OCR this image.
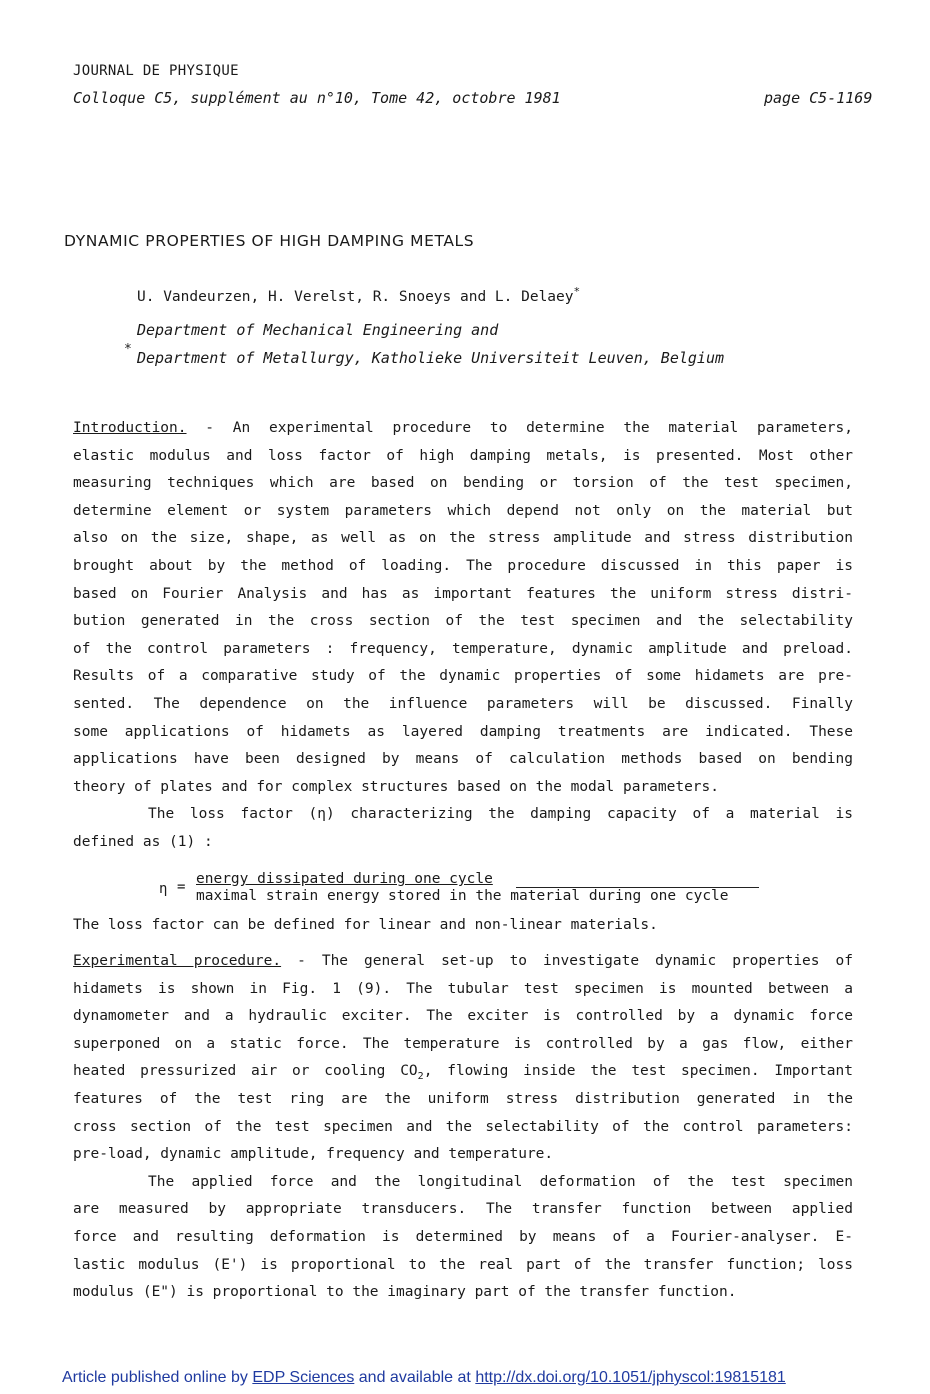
JOURNAL DE PHYSIQUE
Colloque C5, supplément au n°10, Tome 42, octobre 1981	page C5-1169
DYNAMIC PROPERTIES OF HIGH DAMPING METALS
U. Vandeurzen, H. Verelst, R. Snoeys and L. Delaey*
Department of Mechanical Engineering and
* Department of Metallurgy, Katholieke Universiteit Leuven, Belgium
Introduction. - An experimental procedure to determine the material parameters,
elastic modulus and loss factor of high damping metals, is presented. Most other
measuring techniques which are based on bending or torsion of the test specimen,
determine element or system parameters which depend not only on the material but
also on the size, shape, as well as on the stress amplitude and stress distribution
brought about by the method of loading. The procedure discussed in this paper is
based on Fourier Analysis and has as important features the uniform stress distri-
bution generated in the cross section of the test specimen and the selectability
of the control parameters : frequency, temperature, dynamic amplitude and preload.
Results of a comparative study of the dynamic properties of some hidamets are pre-
sented. The dependence on the influence parameters will be discussed. Finally
some applications of hidamets as layered damping treatments are indicated. These
applications have been designed by means of calculation methods based on bending
theory of plates and for complex structures based on the modal parameters.
The loss factor (η) characterizing the damping capacity of a material is
defined as (1) :
η = energy dissipated during one cycle
maximal strain energy stored in the material during one cycle
The loss factor can be defined for linear and non-linear materials.
Experimental procedure. - The general set-up to investigate dynamic properties of
hidamets is shown in Fig. 1 (9). The tubular test specimen is mounted between a
dynamometer and a hydraulic exciter. The exciter is controlled by a dynamic force
superponed on a static force. The temperature is controlled by a gas flow, either
heated pressurized air or cooling $CO_2$, flowing inside the test specimen. Important
features of the test ring are the uniform stress distribution generated in the
cross section of the test specimen and the selectability of the control parameters:
pre-load, dynamic amplitude, frequency and temperature.
The applied force and the longitudinal deformation of the test specimen
are measured by appropriate transducers. The transfer function between applied
force and resulting deformation is determined by means of a Fourier-analyser. E-
lastic modulus (E') is proportional to the real part of the transfer function; loss
modulus (E") is proportional to the imaginary part of the transfer function.
Article published online by EDP Sciences and available at http://dx.doi.org/10.1051/jphyscol:19815181
